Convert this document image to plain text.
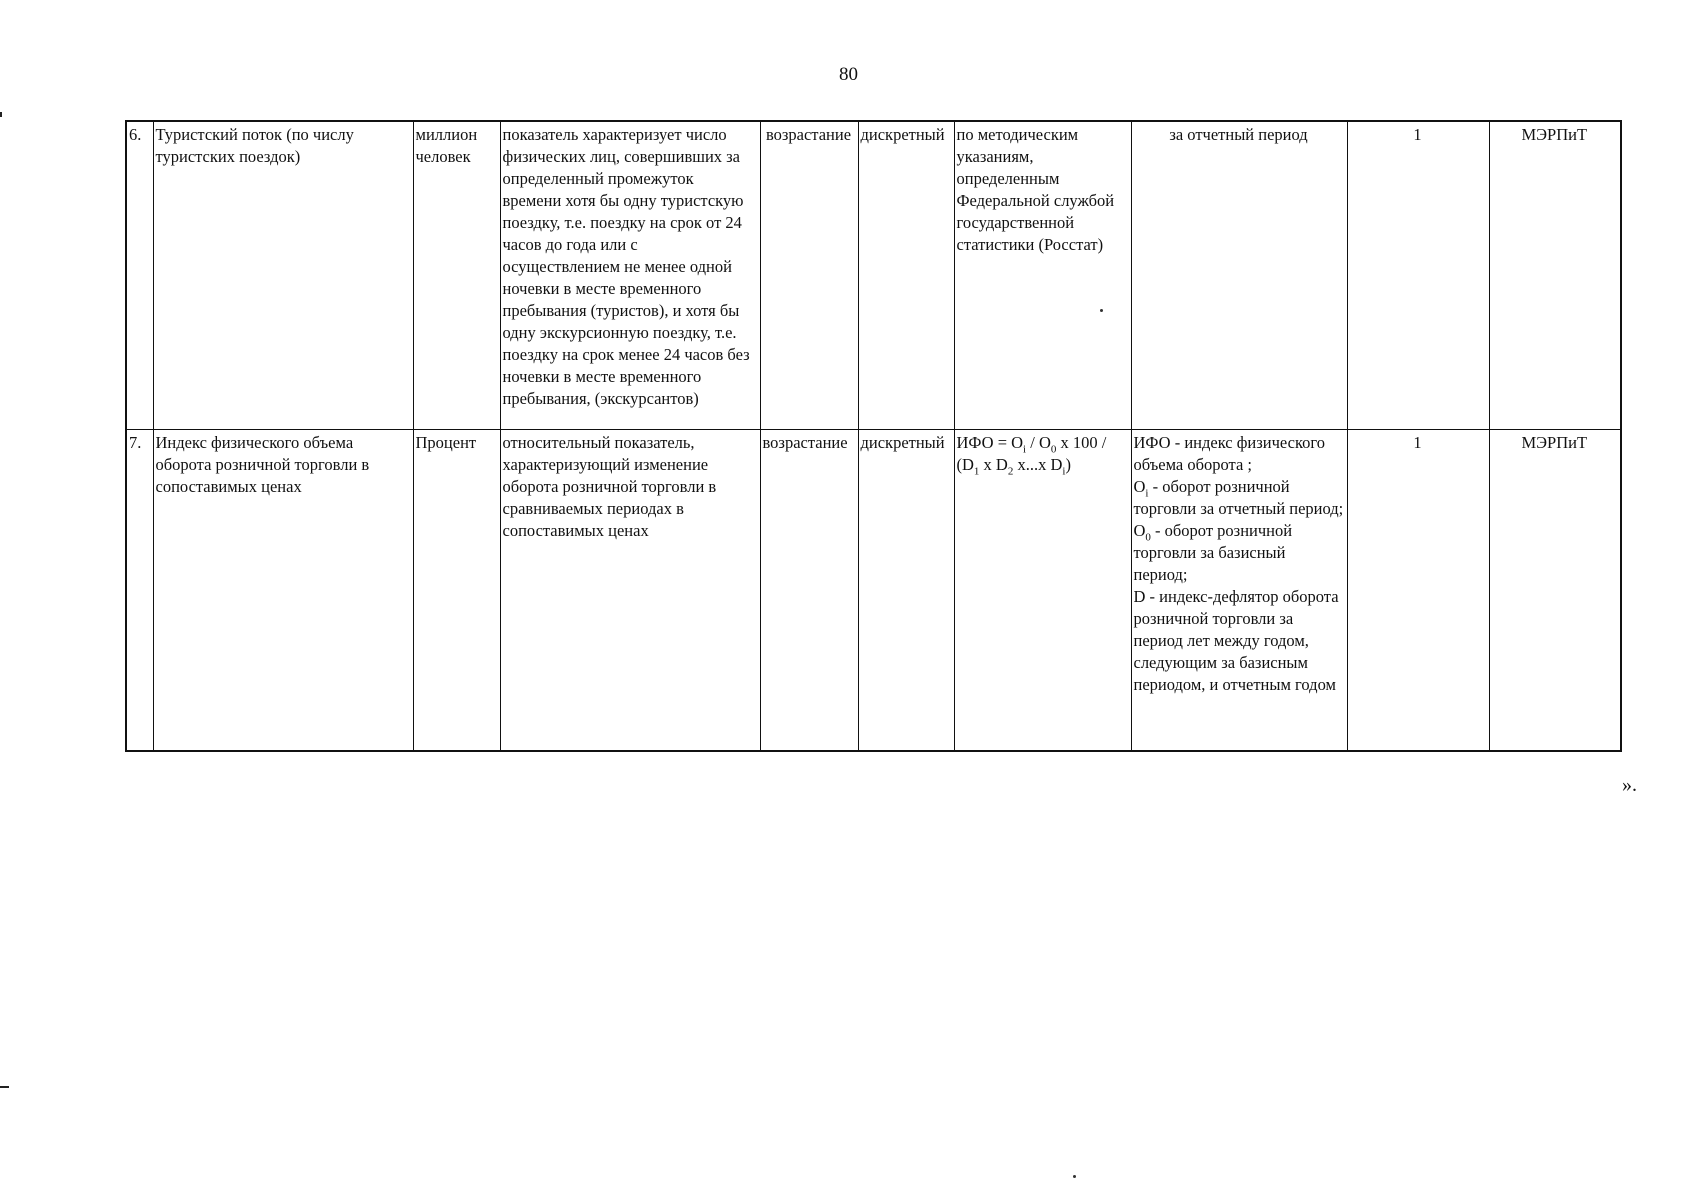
80
6.	Туристский поток (по числу туристских поездок)	миллион человек	показатель характеризует число физических лиц, совершивших за определенный промежуток времени хотя бы одну туристскую поездку, т.е. поездку на срок от 24 часов до года или с осуществлением не менее одной ночевки в месте временного пребывания (туристов), и хотя бы одну экскурсионную поездку, т.е. поездку на срок менее 24 часов без ночевки в месте временного пребывания, (экскурсантов)	возрастание	дискретный	по методическим указаниям, определенным Федеральной службой государственной статистики (Росстат)	за отчетный период	1	МЭРПиТ
7.	Индекс физического объема оборота розничной торговли в сопоставимых ценах	Процент	относительный показатель, характеризующий изменение оборота розничной торговли в сравниваемых периодах в сопоставимых ценах	возрастание	дискретный	ИФО = $O_i / O_0$ x $100 / (D_1$ x $D_2$ x...x $D_i$)	ИФО - индекс физического объема оборота ;
$O_i$ - оборот розничной торговли за отчетный период;
$O_0$ - оборот розничной торговли за базисный период;
D - индекс-дефлятор оборота розничной торговли за период лет между годом, следующим за базисным периодом, и отчетным годом	1	МЭРПиТ
».
